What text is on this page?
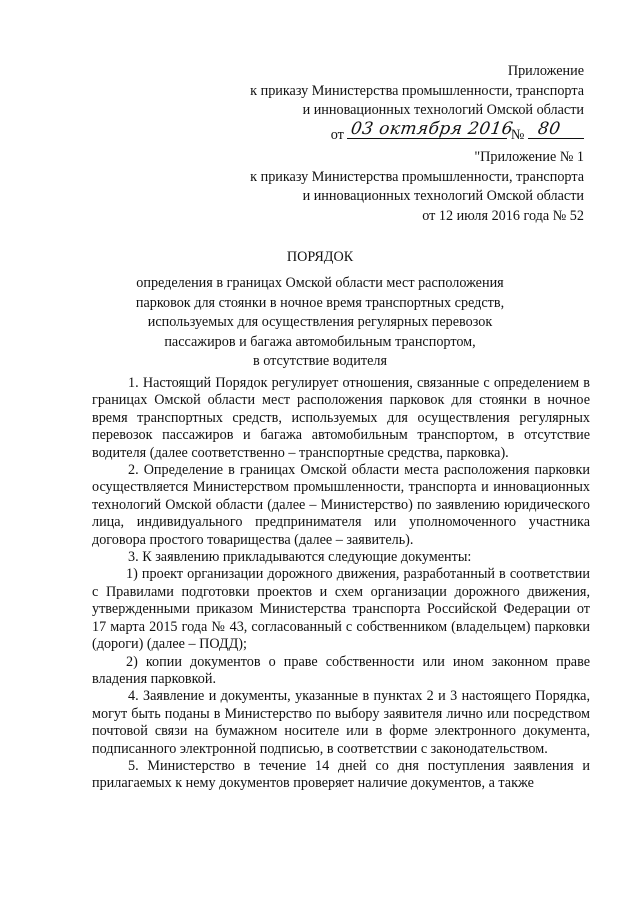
Приложение
к приказу Министерства промышленности, транспорта
и инновационных технологий Омской области
от 03 октября 2016
№ 80
"Приложение № 1
к приказу Министерства промышленности, транспорта
и инновационных технологий Омской области
от 12 июля 2016 года № 52
ПОРЯДОК
определения в границах Омской области мест расположения
парковок для стоянки в ночное время транспортных средств,
используемых для осуществления регулярных перевозок
пассажиров и багажа автомобильным транспортом,
в отсутствие водителя

1. Настоящий Порядок регулирует отношения, связанные с определением в границах Омской области мест расположения парковок для стоянки в ночное время транспортных средств, используемых для осуществления регулярных перевозок пассажиров и багажа автомобильным транспортом, в отсутствие водителя (далее соответственно – транспортные средства, парковка).

2. Определение в границах Омской области места расположения парковки осуществляется Министерством промышленности, транспорта и инновационных технологий Омской области (далее – Министерство) по заявлению юридического лица, индивидуального предпринимателя или уполномоченного участника договора простого товарищества (далее – заявитель).

3. К заявлению прикладываются следующие документы:

1) проект организации дорожного движения, разработанный в соответствии с Правилами подготовки проектов и схем организации дорожного движения, утвержденными приказом Министерства транспорта Российской Федерации от 17 марта 2015 года № 43, согласованный с собственником (владельцем) парковки (дороги) (далее – ПОДД);

2) копии документов о праве собственности или ином законном праве владения парковкой.

4. Заявление и документы, указанные в пунктах 2 и 3 настоящего Порядка, могут быть поданы в Министерство по выбору заявителя лично или посредством почтовой связи на бумажном носителе или в форме электронного документа, подписанного электронной подписью, в соответствии с законодательством.

5. Министерство в течение 14 дней со дня поступления заявления и прилагаемых к нему документов проверяет наличие документов, а также
